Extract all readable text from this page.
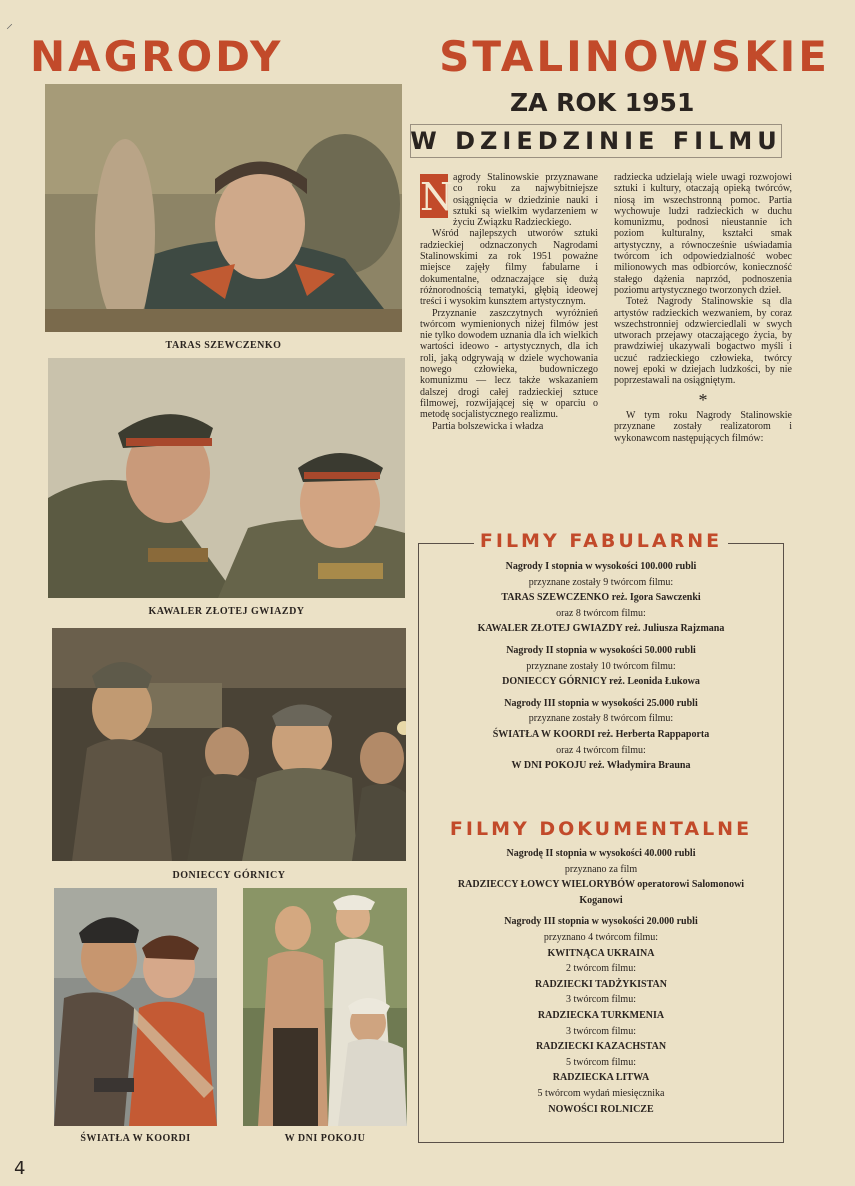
⸝
NAGRODY	STALINOWSKIE
ZA ROK 1951
W DZIEDZINIE FILMU
TARAS SZEWCZENKO
KAWALER ZŁOTEJ GWIAZDY
DONIECCY GÓRNICY
ŚWIATŁA W KOORDI	W DNI POKOJU

N agrody Stalinowskie przyznawane co roku za najwybitniejsze osiągnięcia w dziedzinie nauki i sztuki są wielkim wydarzeniem w życiu Związku Radzieckiego.

Wśród najlepszych utworów sztuki radzieckiej odznaczonych Nagrodami Stalinowskimi za rok 1951 poważne miejsce zajęły filmy fabularne i dokumentalne, odznaczające się dużą różnorodnością tematyki, głębią ideowej treści i wysokim kunsztem artystycznym.

Przyznanie zaszczytnych wyróżnień twórcom wymienionych niżej filmów jest nie tylko dowodem uznania dla ich wielkich wartości ideowo - artystycznych, dla ich roli, jaką odgrywają w dziele wychowania nowego człowieka, budowniczego komunizmu — lecz także wskazaniem dalszej drogi całej radzieckiej sztuce filmowej, rozwijającej się w oparciu o metodę socjalistycznego realizmu.

Partia bolszewicka i władza

radziecka udzielają wiele uwagi rozwojowi sztuki i kultury, otaczają opieką twórców, niosą im wszechstronną pomoc. Partia wychowuje ludzi radzieckich w duchu komunizmu, podnosi nieustannie ich poziom kulturalny, kształci smak artystyczny, a równocześnie uświadamia twórcom ich odpowiedzialność wobec milionowych mas odbiorców, konieczność stałego dążenia naprzód, podnoszenia poziomu artystycznego tworzonych dzieł.

Toteż Nagrody Stalinowskie są dla artystów radzieckich wezwaniem, by coraz wszechstronniej odzwierciedlali w swych utworach przejawy otaczającego życia, by prawdziwiej ukazywali bogactwo myśli i uczuć radzieckiego człowieka, twórcy nowej epoki w dziejach ludzkości, by nie poprzestawali na osiągniętym.

*

W tym roku Nagrody Stalinowskie przyznane zostały realizatorom i wykonawcom następujących filmów:

FILMY FABULARNE
Nagrody I stopnia w wysokości 100.000 rubli
przyznane zostały 9 twórcom filmu:
TARAS SZEWCZENKO reż. Igora Sawczenki
oraz 8 twórcom filmu:
KAWALER ZŁOTEJ GWIAZDY reż. Juliusza Rajzmana
Nagrody II stopnia w wysokości 50.000 rubli
przyznane zostały 10 twórcom filmu:
DONIECCY GÓRNICY reż. Leonida Łukowa
Nagrody III stopnia w wysokości 25.000 rubli
przyznane zostały 8 twórcom filmu:
ŚWIATŁA W KOORDI reż. Herberta Rappaporta
oraz 4 twórcom filmu:
W DNI POKOJU reż. Władymira Brauna
FILMY DOKUMENTALNE
Nagrodę II stopnia w wysokości 40.000 rubli
przyznano za film
RADZIECCY ŁOWCY WIELORYBÓW operatorowi Salomonowi
Koganowi
Nagrody III stopnia w wysokości 20.000 rubli
przyznano 4 twórcom filmu:
KWITNĄCA UKRAINA
2 twórcom filmu:
RADZIECKI TADŻYKISTAN
3 twórcom filmu:
RADZIECKA TURKMENIA
3 twórcom filmu:
RADZIECKI KAZACHSTAN
5 twórcom filmu:
RADZIECKA LITWA
5 twórcom wydań miesięcznika
NOWOŚCI ROLNICZE
4
